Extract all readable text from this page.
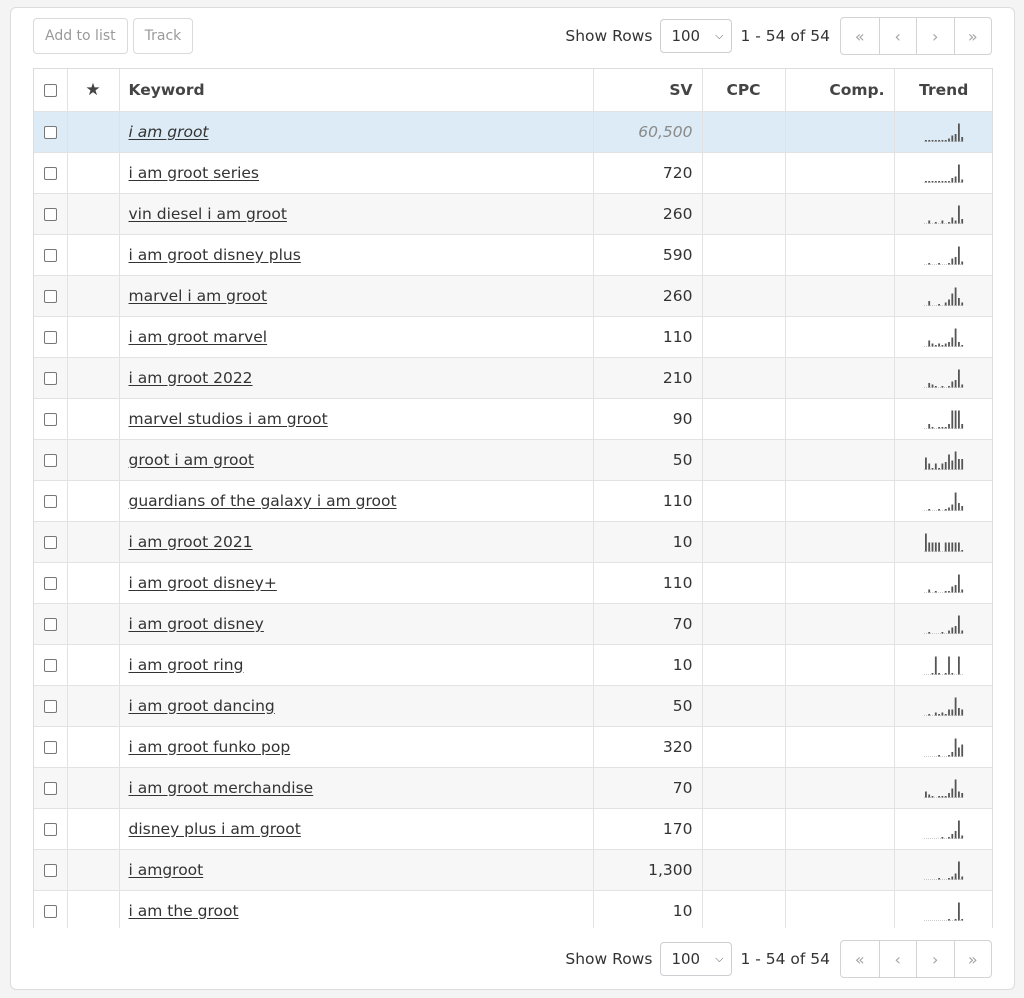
Add to list	Track	Show Rows 100 ⌵ 1 - 54 of 54	«	‹	›	»
	★	Keyword	SV	CPC	Comp.	Trend
		i am groot	60,500			
		i am groot series	720			
		vin diesel i am groot	260			
		i am groot disney plus	590			
		marvel i am groot	260			
		i am groot marvel	110			
		i am groot 2022	210			
		marvel studios i am groot	90			
		groot i am groot	50			
		guardians of the galaxy i am groot	110			
		i am groot 2021	10			
		i am groot disney+	110			
		i am groot disney	70			
		i am groot ring	10			
		i am groot dancing	50			
		i am groot funko pop	320			
		i am groot merchandise	70			
		disney plus i am groot	170			
		i amgroot	1,300			
		i am the groot	10			
Show Rows 100 ⌵ 1 - 54 of 54	«	‹	›	»
